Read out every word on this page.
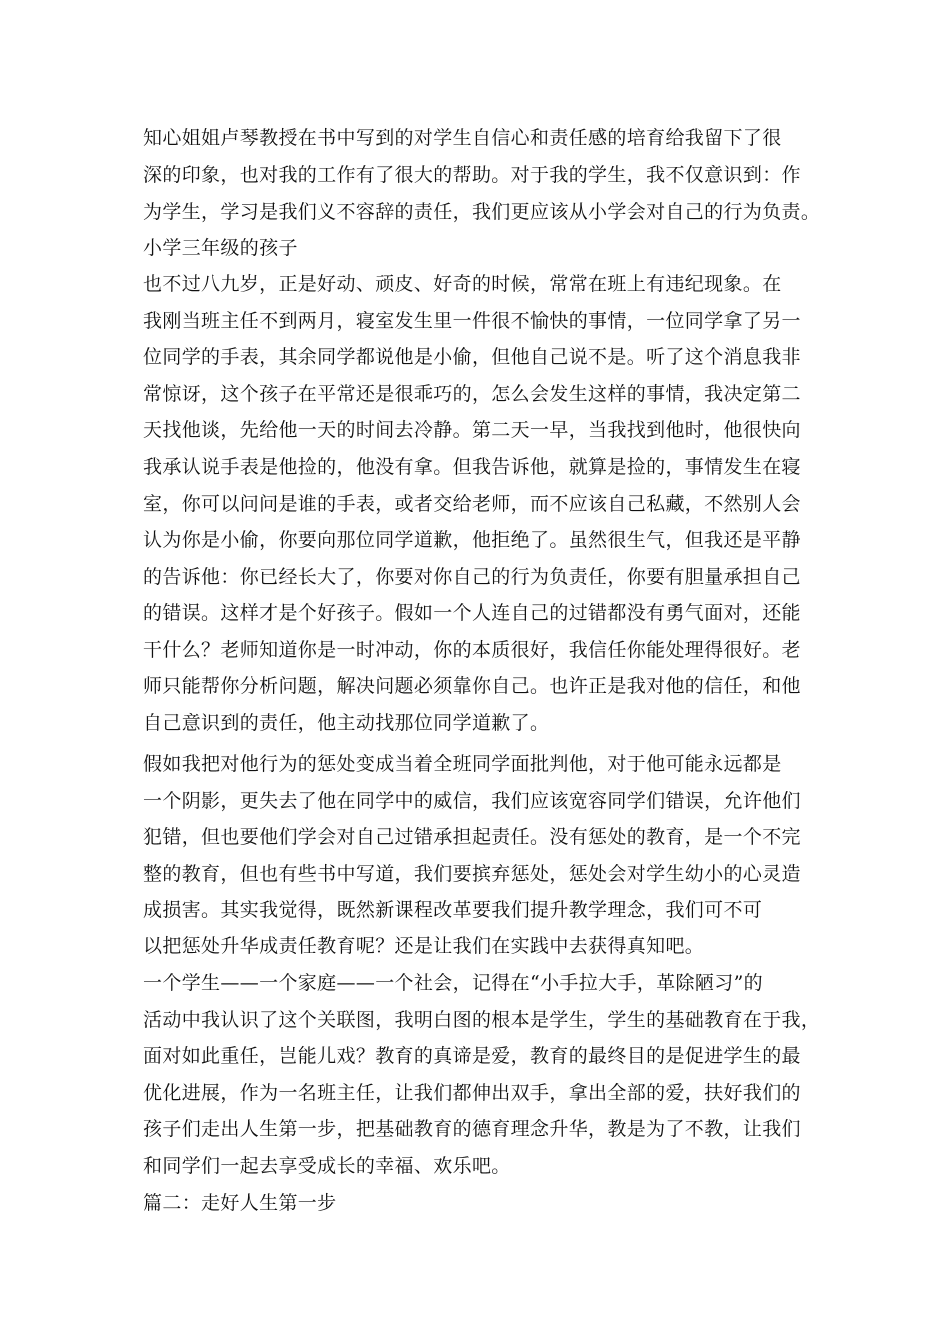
知心姐姐卢琴教授在书中写到的对学生自信心和责任感的培育给我留下了很
深的印象，也对我的工作有了很大的帮助。对于我的学生，我不仅意识到：作
为学生，学习是我们义不容辞的责任，我们更应该从小学会对自己的行为负责。
小学三年级的孩子
也不过八九岁，正是好动、顽皮、好奇的时候，常常在班上有违纪现象。在
我刚当班主任不到两月，寝室发生里一件很不愉快的事情，一位同学拿了另一
位同学的手表，其余同学都说他是小偷，但他自己说不是。听了这个消息我非
常惊讶，这个孩子在平常还是很乖巧的，怎么会发生这样的事情，我决定第二
天找他谈，先给他一天的时间去冷静。第二天一早，当我找到他时，他很快向
我承认说手表是他捡的，他没有拿。但我告诉他，就算是捡的，事情发生在寝
室，你可以问问是谁的手表，或者交给老师，而不应该自己私藏，不然别人会
认为你是小偷，你要向那位同学道歉，他拒绝了。虽然很生气，但我还是平静
的告诉他：你已经长大了，你要对你自己的行为负责任，你要有胆量承担自己
的错误。这样才是个好孩子。假如一个人连自己的过错都没有勇气面对，还能
干什么？老师知道你是一时冲动，你的本质很好，我信任你能处理得很好。老
师只能帮你分析问题，解决问题必须靠你自己。也许正是我对他的信任，和他
自己意识到的责任，他主动找那位同学道歉了。
假如我把对他行为的惩处变成当着全班同学面批判他，对于他可能永远都是
一个阴影，更失去了他在同学中的威信，我们应该宽容同学们错误，允许他们
犯错，但也要他们学会对自己过错承担起责任。没有惩处的教育，是一个不完
整的教育，但也有些书中写道，我们要摈弃惩处，惩处会对学生幼小的心灵造
成损害。其实我觉得，既然新课程改革要我们提升教学理念，我们可不可
以把惩处升华成责任教育呢？还是让我们在实践中去获得真知吧。
一个学生——一个家庭——一个社会，记得在“小手拉大手，革除陋习”的
活动中我认识了这个关联图，我明白图的根本是学生，学生的基础教育在于我，
面对如此重任，岂能儿戏？教育的真谛是爱，教育的最终目的是促进学生的最
优化进展，作为一名班主任，让我们都伸出双手，拿出全部的爱，扶好我们的
孩子们走出人生第一步，把基础教育的德育理念升华，教是为了不教，让我们
和同学们一起去享受成长的幸福、欢乐吧。
篇二：走好人生第一步
